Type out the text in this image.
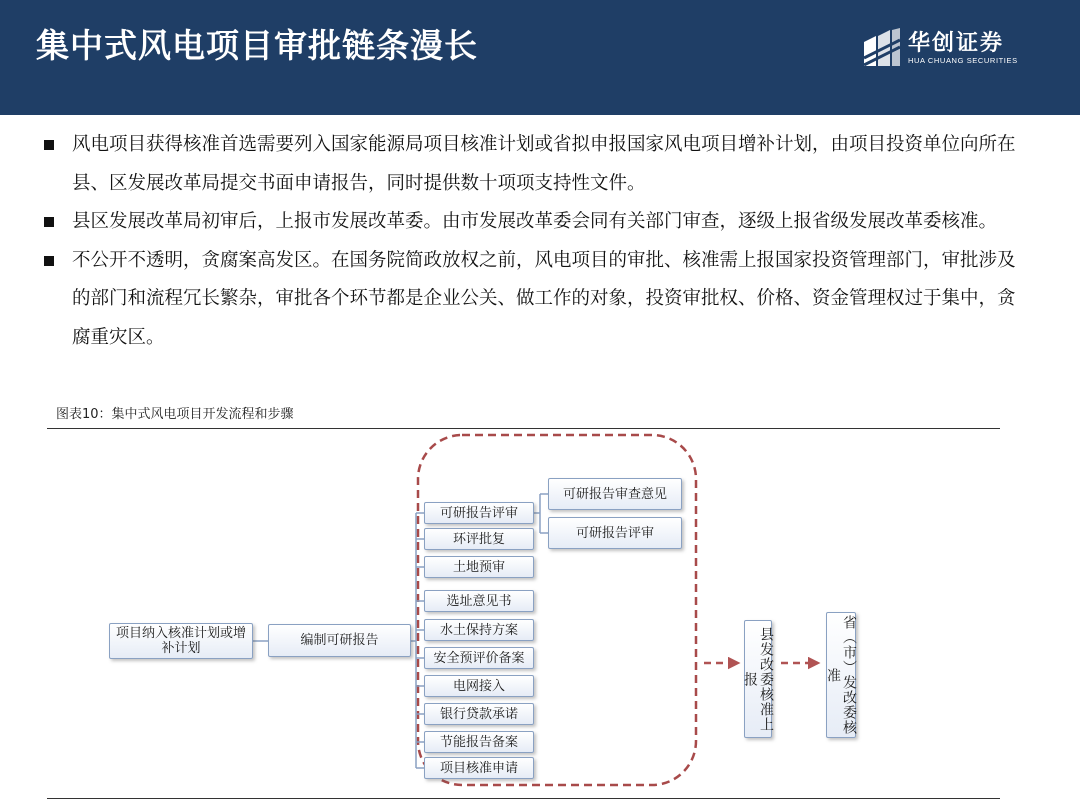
集中式风电项目审批链条漫长	华创证券
HUA CHUANG SECURITIES
风电项目获得核准首选需要列入国家能源局项目核准计划或省拟申报国家风电项目增补计划，由项目投资单位向所在县、区发展改革局提交书面申请报告，同时提供数十项项支持性文件。
县区发展改革局初审后，上报市发展改革委。由市发展改革委会同有关部门审查，逐级上报省级发展改革委核准。
不公开不透明，贪腐案高发区。在国务院简政放权之前，风电项目的审批、核准需上报国家投资管理部门，审批涉及的部门和流程冗长繁杂，审批各个环节都是企业公关、做工作的对象，投资审批权、价格、资金管理权过于集中，贪腐重灾区。
图表10：集中式风电项目开发流程和步骤
项目纳入核准计划或增补计划
编制可研报告
可研报告评审
环评批复
土地预审
选址意见书
水土保持方案
安全预评价备案
电网接入
银行贷款承诺
节能报告备案
项目核准申请
可研报告审查意见
可研报告评审
县发改委核准上报	省（市）发改委核准
